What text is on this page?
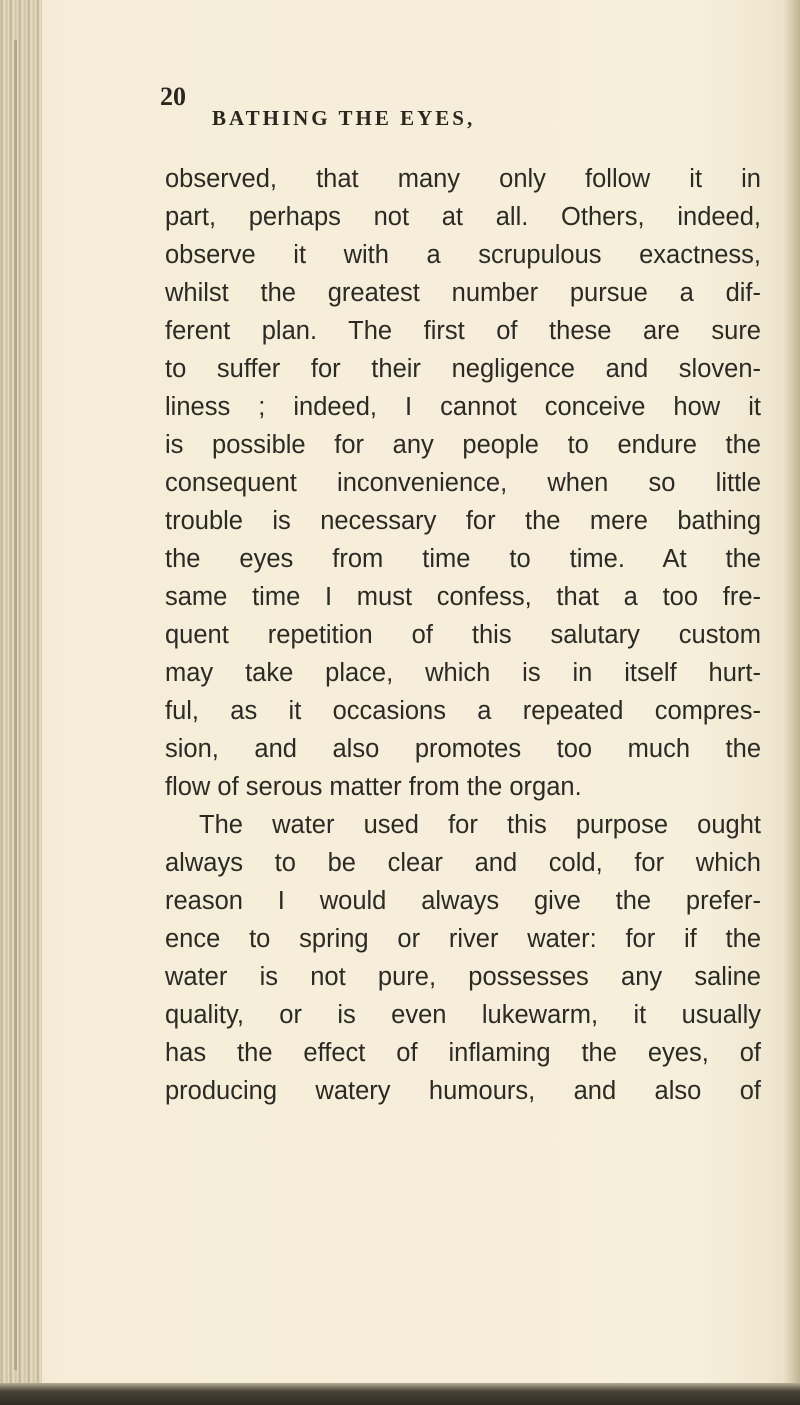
20
BATHING THE EYES,
observed, that many only follow it in
part, perhaps not at all. Others, indeed,
observe it with a scrupulous exactness,
whilst the greatest number pursue a dif-
ferent plan. The first of these are sure
to suffer for their negligence and sloven-
liness ; indeed, I cannot conceive how it
is possible for any people to endure the
consequent inconvenience, when so little
trouble is necessary for the mere bathing
the eyes from time to time. At the
same time I must confess, that a too fre-
quent repetition of this salutary custom
may take place, which is in itself hurt-
ful, as it occasions a repeated compres-
sion, and also promotes too much the
flow of serous matter from the organ.
The water used for this purpose ought
always to be clear and cold, for which
reason I would always give the prefer-
ence to spring or river water: for if the
water is not pure, possesses any saline
quality, or is even lukewarm, it usually
has the effect of inflaming the eyes, of
producing watery humours, and also of
